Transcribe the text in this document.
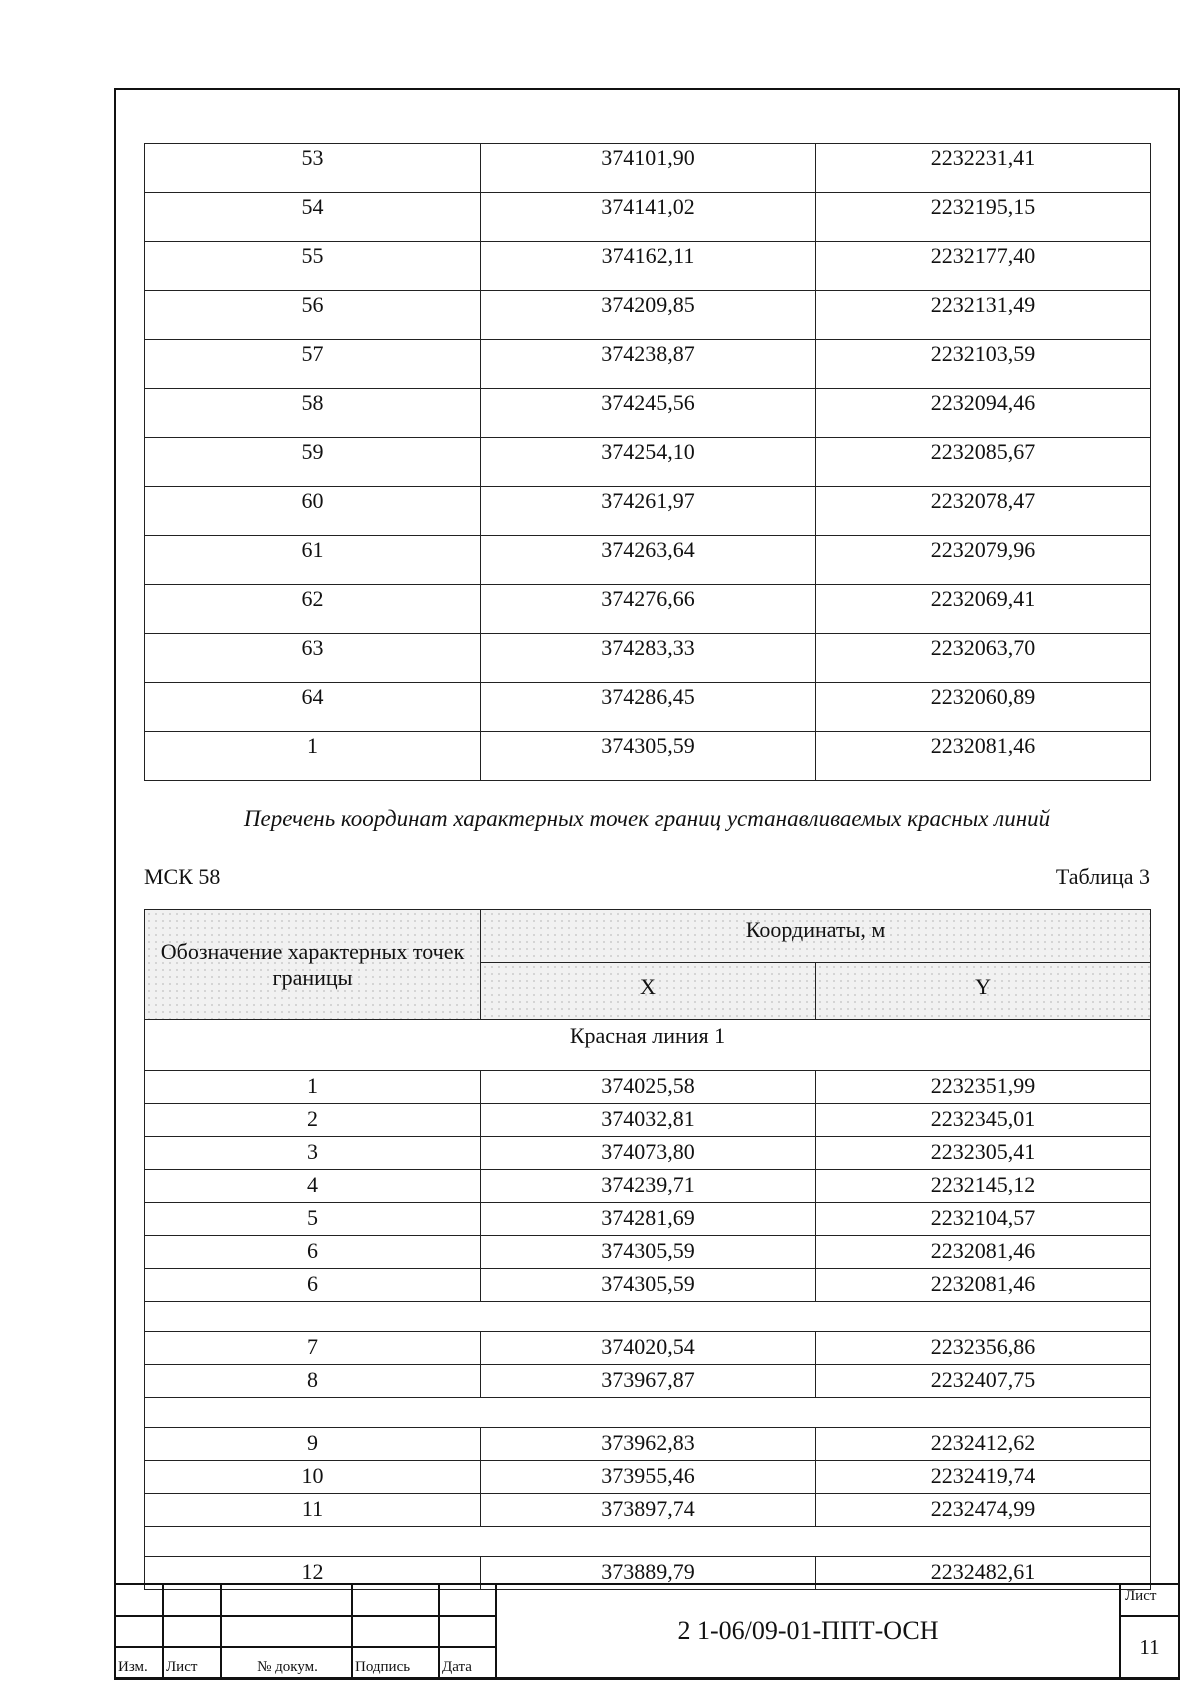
53	374101,90	2232231,41
54	374141,02	2232195,15
55	374162,11	2232177,40
56	374209,85	2232131,49
57	374238,87	2232103,59
58	374245,56	2232094,46
59	374254,10	2232085,67
60	374261,97	2232078,47
61	374263,64	2232079,96
62	374276,66	2232069,41
63	374283,33	2232063,70
64	374286,45	2232060,89
1	374305,59	2232081,46
Перечень координат характерных точек границ устанавливаемых красных линий
МСК 58	Таблица 3
Обозначение характерных точек границы	Координаты, м	
	X	Y
Красная линия 1		
1	374025,58	2232351,99
2	374032,81	2232345,01
3	374073,80	2232305,41
4	374239,71	2232145,12
5	374281,69	2232104,57
6	374305,59	2232081,46
6	374305,59	2232081,46

7	374020,54	2232356,86
8	373967,87	2232407,75

9	373962,83	2232412,62
10	373955,46	2232419,74
11	373897,74	2232474,99

12	373889,79	2232482,61
					2 1-06/09-01-ППТ-ОСН	Лист
						11
Изм.	Лист	№ докум.	Подпись	Дата		
